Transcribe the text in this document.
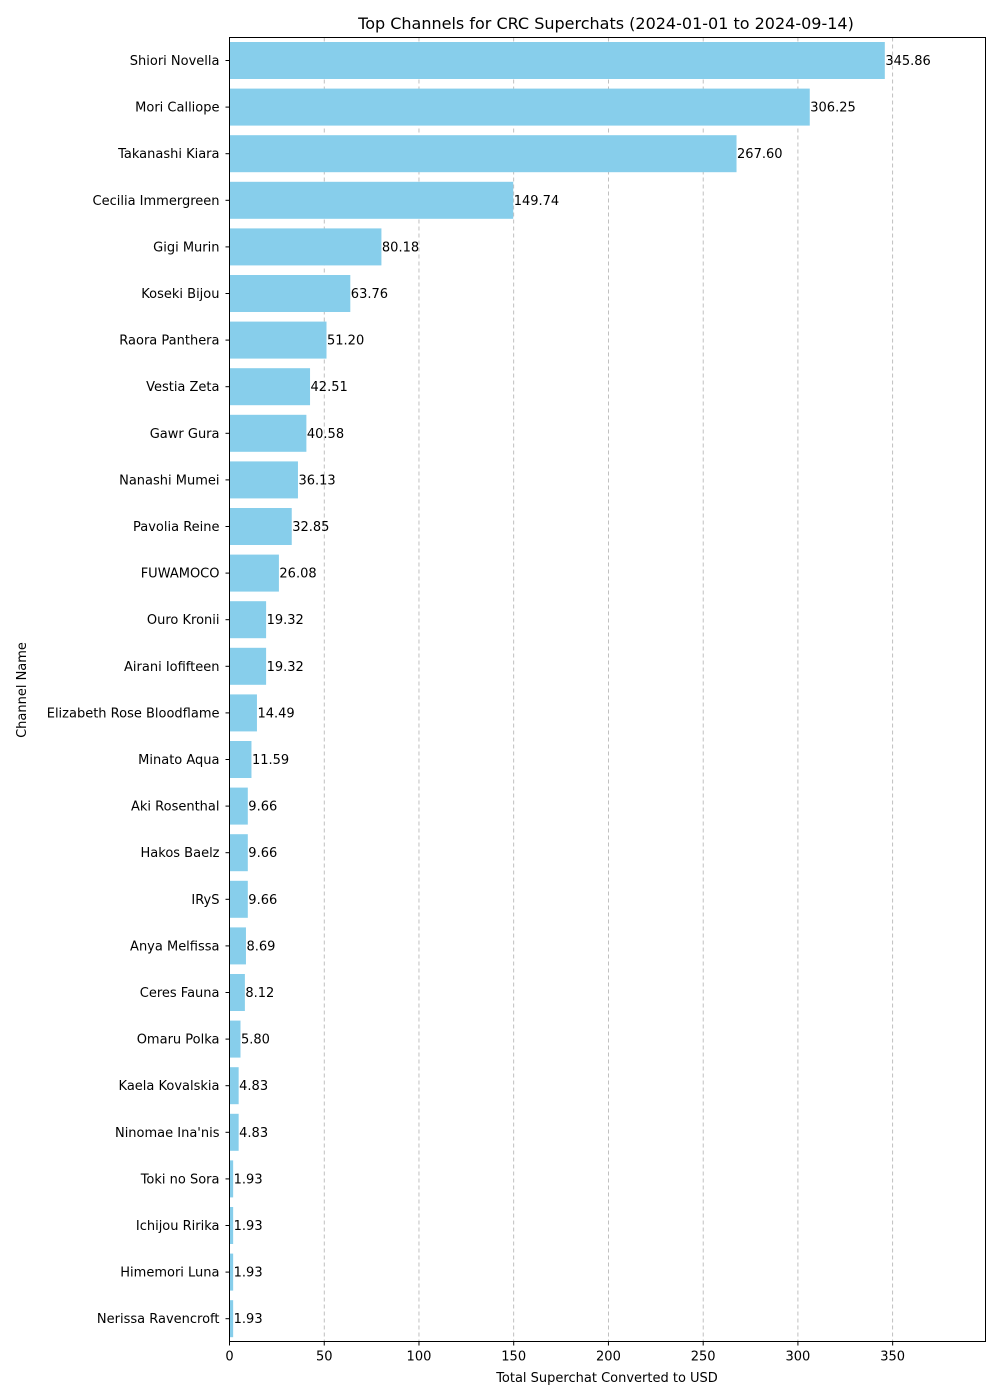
Top Channels for CRC Superchats (2024-01-01 to 2024-09-14)
345.86
306.25
267.60
149.74
80.18
63.76
51.20
42.51
40.58
36.13
32.85
26.08
19.32
19.32
14.49
11.59
9.66
9.66
9.66
8.69
8.12
5.80
4.83
4.83
1.93
1.93
1.93
1.93
Shiori Novella
Mori Calliope
Takanashi Kiara
Cecilia Immergreen
Gigi Murin
Koseki Bijou
Raora Panthera
Vestia Zeta
Gawr Gura
Nanashi Mumei
Pavolia Reine
FUWAMOCO
Ouro Kronii
Airani Iofifteen
Elizabeth Rose Bloodflame
Minato Aqua
Aki Rosenthal
Hakos Baelz
IRyS
Anya Melfissa
Ceres Fauna
Omaru Polka
Kaela Kovalskia
Ninomae Ina'nis
Toki no Sora
Ichijou Ririka
Himemori Luna
Nerissa Ravencroft
0	50	100	150	200	250	300	350
Total Superchat Converted to USD
Channel Name
